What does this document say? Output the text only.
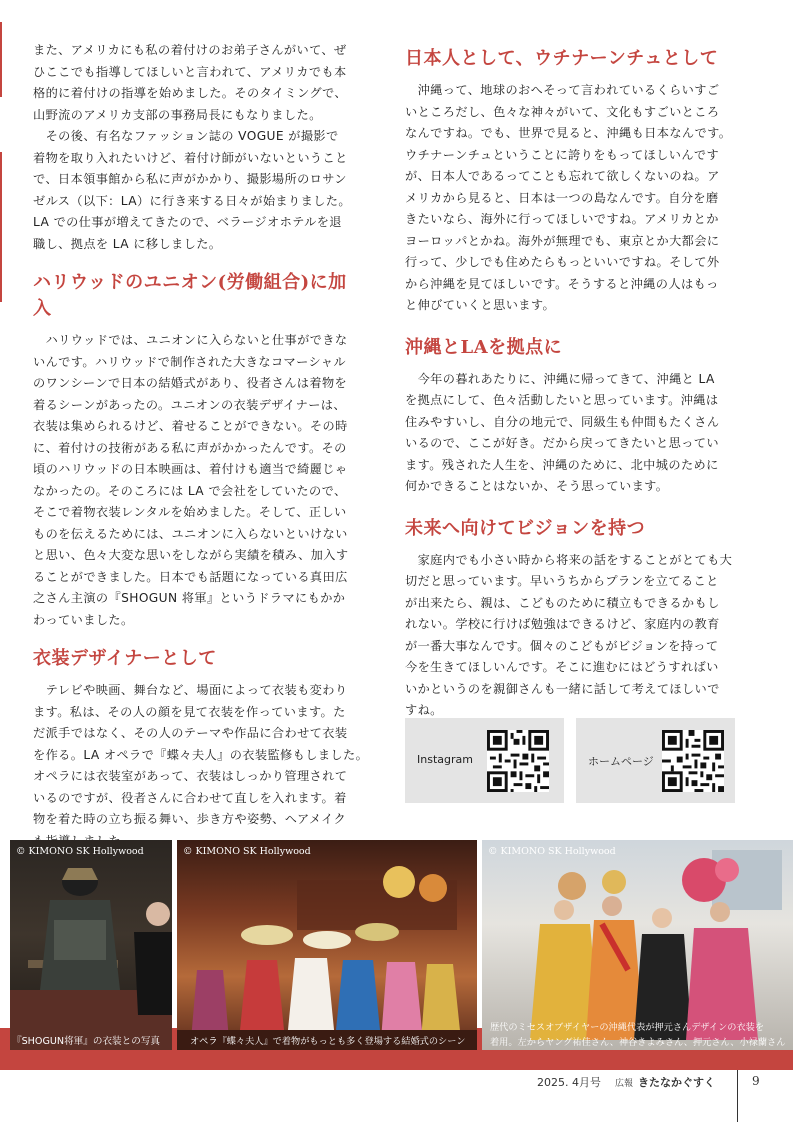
また、アメリカにも私の着付けのお弟子さんがいて、ぜ
ひここでも指導してほしいと言われて、アメリカでも本
格的に着付けの指導を始めました。そのタイミングで、
山野流のアメリカ支部の事務局長にもなりました。
　その後、有名なファッション誌の VOGUE が撮影で
着物を取り入れたいけど、着付け師がいないということ
で、日本領事館から私に声がかかり、撮影場所のロサン
ゼルス（以下：LA）に行き来する日々が始まりました。
LA での仕事が増えてきたので、ベラージオホテルを退
職し、拠点を LA に移しました。
ハリウッドのユニオン(労働組合)に加入
　ハリウッドでは、ユニオンに入らないと仕事ができな
いんです。ハリウッドで制作された大きなコマーシャル
のワンシーンで日本の結婚式があり、役者さんは着物を
着るシーンがあったの。ユニオンの衣装デザイナーは、
衣装は集められるけど、着せることができない。その時
に、着付けの技術がある私に声がかかったんです。その
頃のハリウッドの日本映画は、着付けも適当で綺麗じゃ
なかったの。そのころには LA で会社をしていたので、
そこで着物衣装レンタルを始めました。そして、正しい
ものを伝えるためには、ユニオンに入らないといけない
と思い、色々大変な思いをしながら実績を積み、加入す
ることができました。日本でも話題になっている真田広
之さん主演の『SHOGUN 将軍』というドラマにもかか
わっていました。
衣装デザイナーとして
　テレビや映画、舞台など、場面によって衣装も変わり
ます。私は、その人の顔を見て衣装を作っています。た
だ派手ではなく、その人のテーマや作品に合わせて衣装
を作る。LA オペラで『蝶々夫人』の衣装監修もしました。
オペラには衣装室があって、衣装はしっかり管理されて
いるのですが、役者さんに合わせて直しを入れます。着
物を着た時の立ち振る舞い、歩き方や姿勢、ヘアメイク
日本人として、ウチナーンチュとして
　沖縄って、地球のおへそって言われているくらいすご
いところだし、色々な神々がいて、文化もすごいところ
なんですね。でも、世界で見ると、沖縄も日本なんです。
ウチナーンチュということに誇りをもってほしいんです
が、日本人であるってことも忘れて欲しくないのね。ア
メリカから見ると、日本は一つの島なんです。自分を磨
きたいなら、海外に行ってほしいですね。アメリカとか
ヨーロッパとかね。海外が無理でも、東京とか大都会に
行って、少しでも住めたらもっといいですね。そして外
から沖縄を見てほしいです。そうすると沖縄の人はもっ
と伸びていくと思います。
沖縄とLAを拠点に
　今年の暮れあたりに、沖縄に帰ってきて、沖縄と LA
を拠点にして、色々活動したいと思っています。沖縄は
住みやすいし、自分の地元で、同級生も仲間もたくさん
いるので、ここが好き。だから戻ってきたいと思ってい
ます。残された人生を、沖縄のために、北中城のために
何かできることはないか、そう思っています。
未来へ向けてビジョンを持つ
　家庭内でも小さい時から将来の話をすることがとても大
切だと思っています。早いうちからプランを立てること
が出来たら、親は、こどものために積立もできるかもし
れない。学校に行けば勉強はできるけど、家庭内の教育
が一番大事なんです。個々のこどもがビジョンを持って
今を生きてほしいんです。そこに進むにはどうすればい
いかというのを親御さんも一緒に話して考えてほしいで
すね。
Instagram	ホームページ
© KIMONO SK Hollywood	© KIMONO SK Hollywood	© KIMONO SK Hollywood
『SHOGUN将軍』の衣装との写真	オペラ『蝶々夫人』で着物がもっとも多く登場する結婚式のシーン
歴代のミセスオブザイヤーの沖縄代表が押元さんデザインの衣装を
着用。左からヤング祐佳さん、神谷きよみさん、押元さん、小禄蘭さん
2025. 4月号 広報 きたなかぐすく	9
